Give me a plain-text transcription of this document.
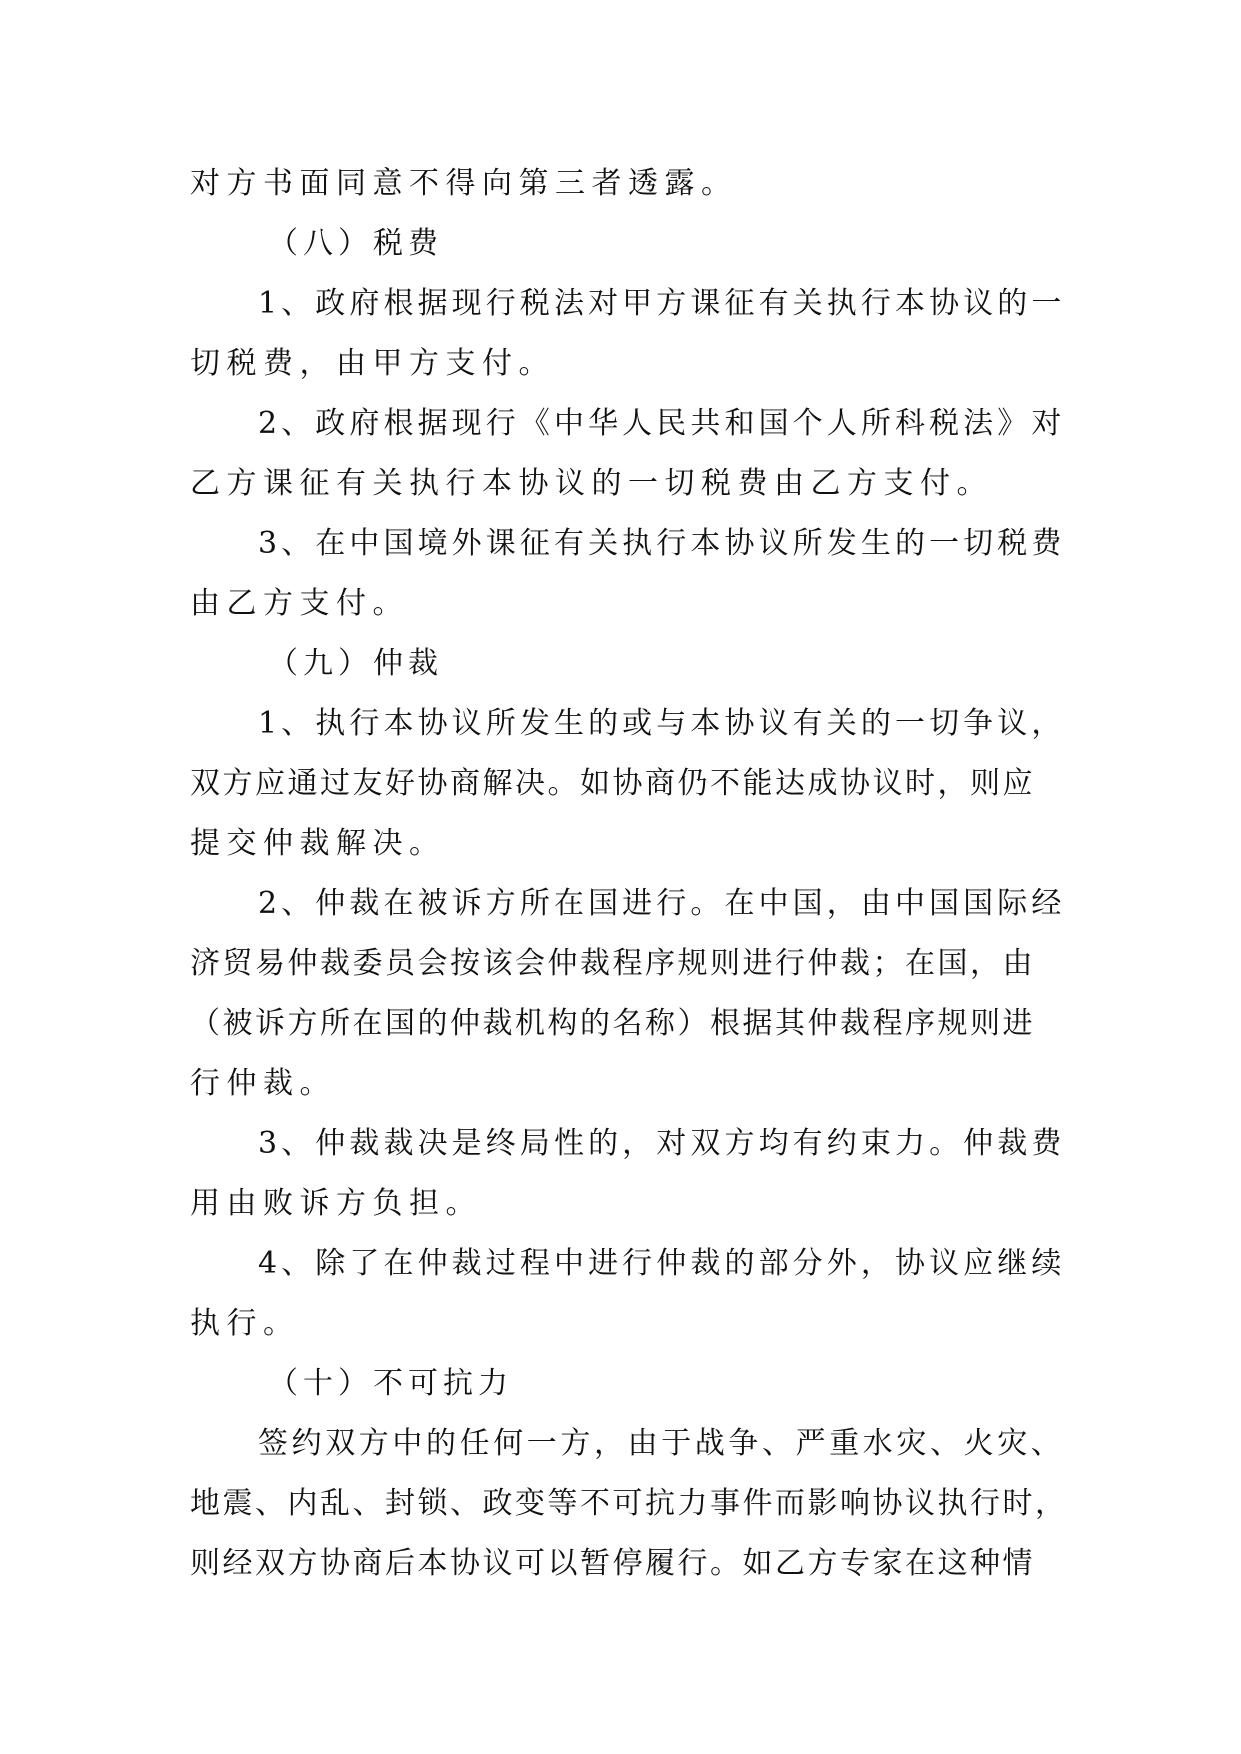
对方书面同意不得向第三者透露。

（八）税费

1、政府根据现行税法对甲方课征有关执行本协议的一

切税费，由甲方支付。

2、政府根据现行《中华人民共和国个人所科税法》对

乙方课征有关执行本协议的一切税费由乙方支付。

3、在中国境外课征有关执行本协议所发生的一切税费

由乙方支付。

（九）仲裁

1、执行本协议所发生的或与本协议有关的一切争议，

双方应通过友好协商解决。如协商仍不能达成协议时，则应

提交仲裁解决。

2、仲裁在被诉方所在国进行。在中国，由中国国际经

济贸易仲裁委员会按该会仲裁程序规则进行仲裁；在国，由

（被诉方所在国的仲裁机构的名称）根据其仲裁程序规则进

行仲裁。

3、仲裁裁决是终局性的，对双方均有约束力。仲裁费

用由败诉方负担。

4、除了在仲裁过程中进行仲裁的部分外，协议应继续

执行。

（十）不可抗力

签约双方中的任何一方，由于战争、严重水灾、火灾、

地震、内乱、封锁、政变等不可抗力事件而影响协议执行时，

则经双方协商后本协议可以暂停履行。如乙方专家在这种情
